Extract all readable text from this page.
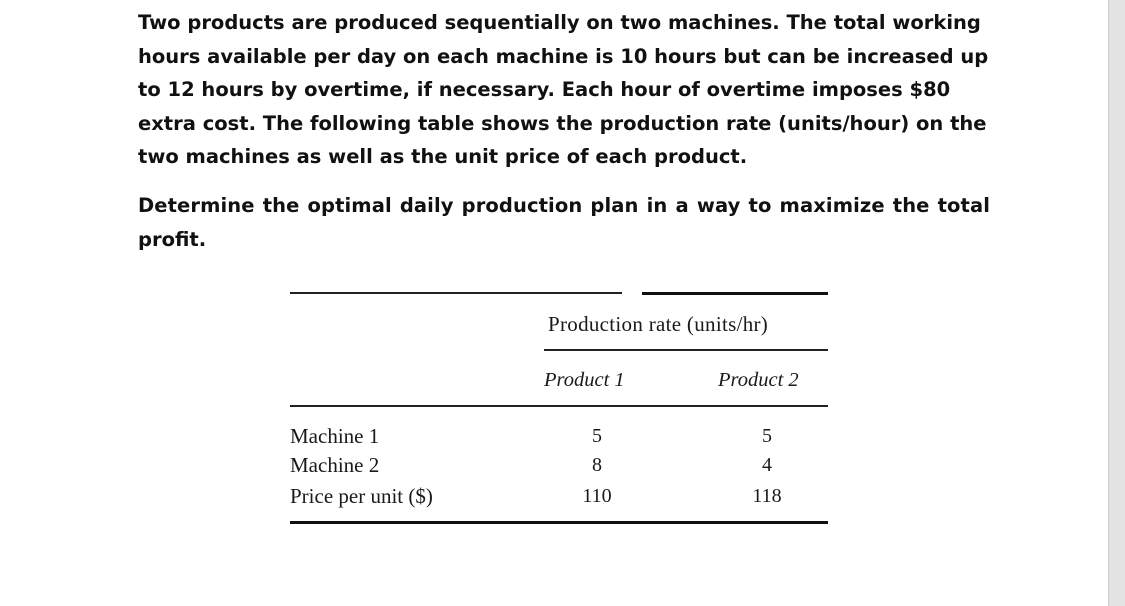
Two products are produced sequentially on two machines. The total working hours available per day on each machine is 10 hours but can be increased up to 12 hours by overtime, if necessary. Each hour of overtime imposes $80 extra cost. The following table shows the production rate (units/hour) on the two machines as well as the unit price of each product.

Determine the optimal daily production plan in a way to maximize the total
profit.

Production rate (units/hr)
Product 1	Product 2
Machine 1	5	5
Machine 2	8	4
Price per unit ($)	110	118
